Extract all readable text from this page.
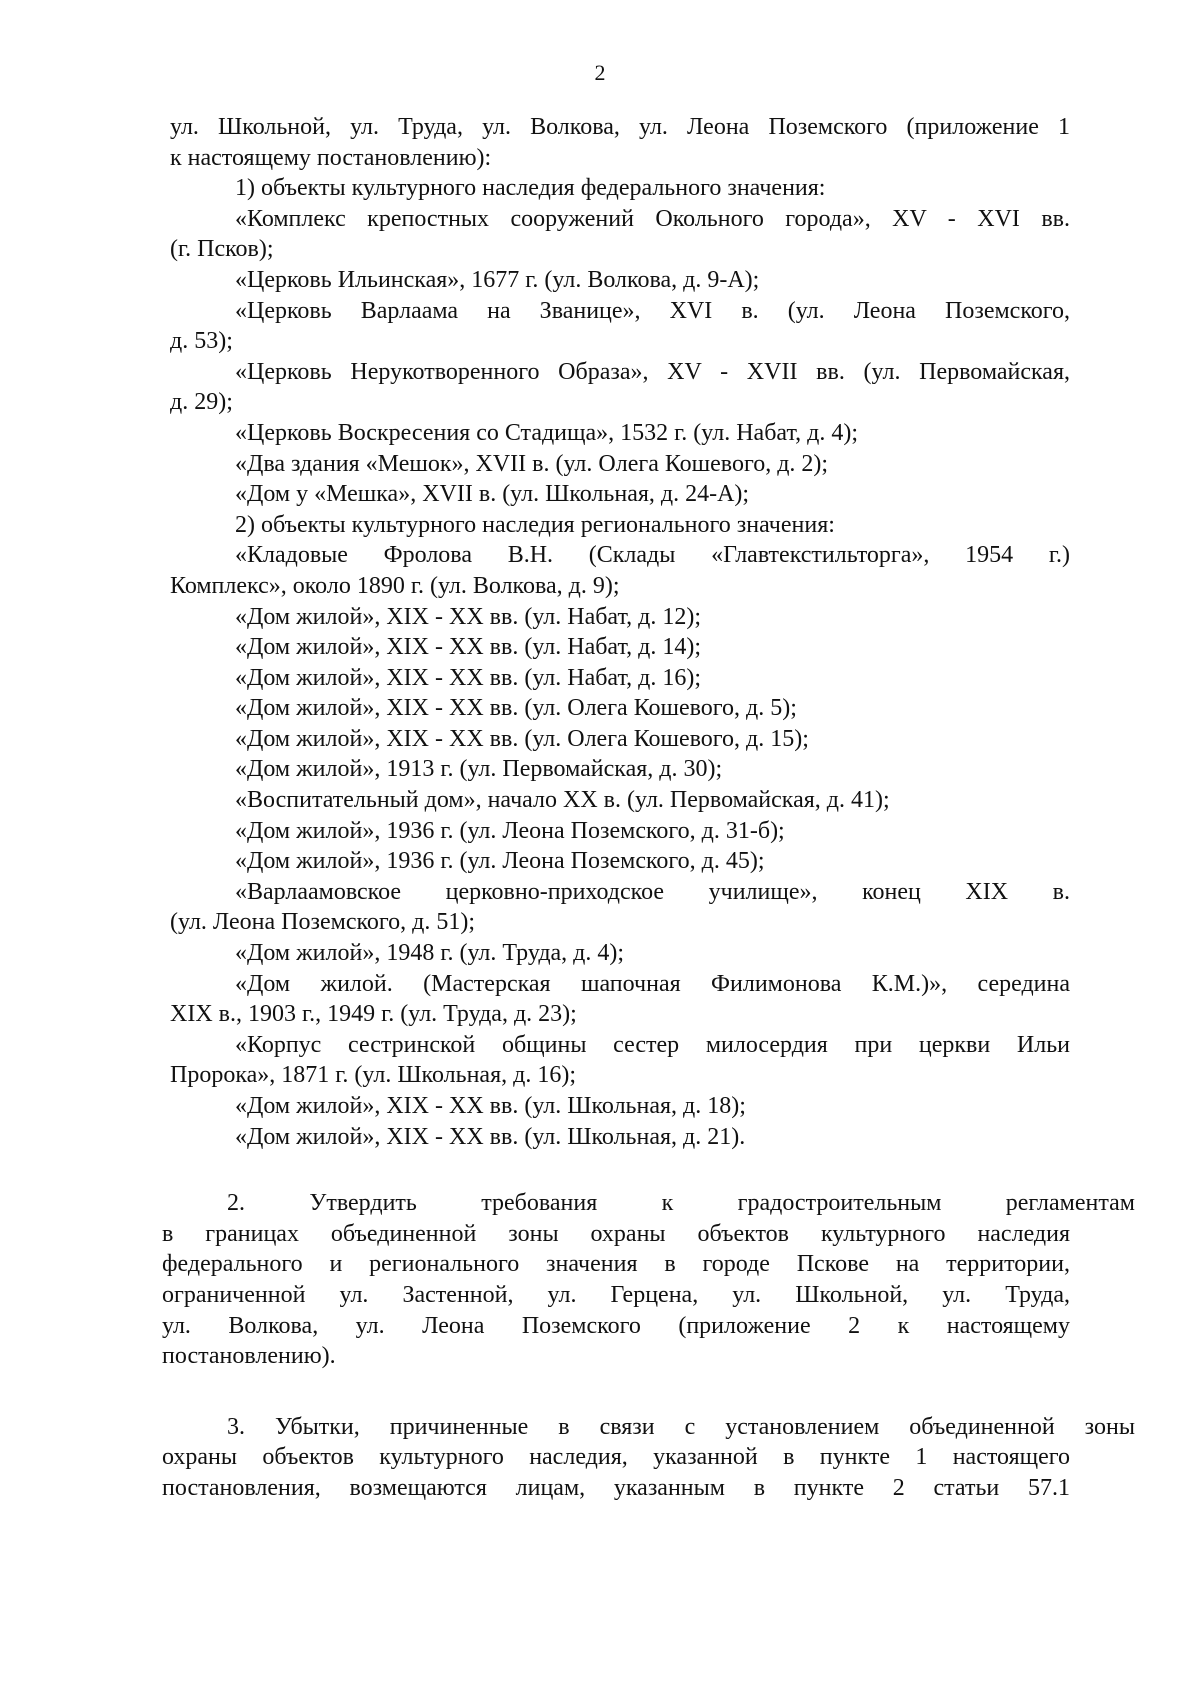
2
ул. Школьной, ул. Труда, ул. Волкова, ул. Леона Поземского (приложение 1
к настоящему постановлению):
1) объекты культурного наследия федерального значения:
«Комплекс крепостных сооружений Окольного города», XV - XVI вв.
(г. Псков);
«Церковь Ильинская», 1677 г. (ул. Волкова, д. 9-А);
«Церковь Варлаама на Званице», XVI в. (ул. Леона Поземского,
д. 53);
«Церковь Нерукотворенного Образа», XV - XVII вв. (ул. Первомайская,
д. 29);
«Церковь Воскресения со Стадища», 1532 г. (ул. Набат, д. 4);
«Два здания «Мешок», XVII в. (ул. Олега Кошевого, д. 2);
«Дом у «Мешка», XVII в. (ул. Школьная, д. 24-А);
2) объекты культурного наследия регионального значения:
«Кладовые Фролова В.Н. (Склады «Главтекстильторга», 1954 г.)
Комплекс», около 1890 г. (ул. Волкова, д. 9);
«Дом жилой», XIX - XX вв. (ул. Набат, д. 12);
«Дом жилой», XIX - XX вв. (ул. Набат, д. 14);
«Дом жилой», XIX - XX вв. (ул. Набат, д. 16);
«Дом жилой», XIX - XX вв. (ул. Олега Кошевого, д. 5);
«Дом жилой», XIX - XX вв. (ул. Олега Кошевого, д. 15);
«Дом жилой», 1913 г. (ул. Первомайская, д. 30);
«Воспитательный дом», начало XX в. (ул. Первомайская, д. 41);
«Дом жилой», 1936 г. (ул. Леона Поземского, д. 31-б);
«Дом жилой», 1936 г. (ул. Леона Поземского, д. 45);
«Варлаамовское церковно-приходское училище», конец XIX в.
(ул. Леона Поземского, д. 51);
«Дом жилой», 1948 г. (ул. Труда, д. 4);
«Дом жилой. (Мастерская шапочная Филимонова К.М.)», середина
XIX в., 1903 г., 1949 г. (ул. Труда, д. 23);
«Корпус сестринской общины сестер милосердия при церкви Ильи
Пророка», 1871 г. (ул. Школьная, д. 16);
«Дом жилой», XIX - XX вв. (ул. Школьная, д. 18);
«Дом жилой», XIX - XX вв. (ул. Школьная, д. 21).
2. Утвердить требования к градостроительным регламентам
в границах объединенной зоны охраны объектов культурного наследия
федерального и регионального значения в городе Пскове на территории,
ограниченной ул. Застенной, ул. Герцена, ул. Школьной, ул. Труда,
ул. Волкова, ул. Леона Поземского (приложение 2 к настоящему
постановлению).
3. Убытки, причиненные в связи с установлением объединенной зоны
охраны объектов культурного наследия, указанной в пункте 1 настоящего
постановления, возмещаются лицам, указанным в пункте 2 статьи 57.1
